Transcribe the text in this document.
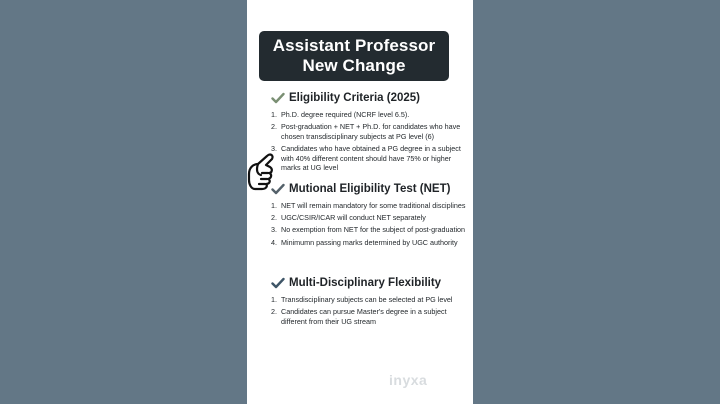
Assistant Professor
New Change
Eligibility Criteria (2025)
1. Ph.D. degree required (NCRF level 6.5).
2. Post-graduation + NET + Ph.D. for candidates who have chosen transdisciplinary subjects at PG level (6)
3. Candidates who have obtained a PG degree in a subject with 40% different content should have 75% or higher marks at UG level
Mutional Eligibility Test (NET)
1. NET will remain mandatory for some traditional disciplines
2. UGC/CSIR/ICAR will conduct NET separately
3. No exemption from NET for the subject of post-graduation
4. Minimumn passing marks determined by UGC authority
Multi-Disciplinary Flexibility
1. Transdisciplinary subjects can be selected at PG level
2. Candidates can pursue Master's degree in a subject different from their UG stream
inyxa
